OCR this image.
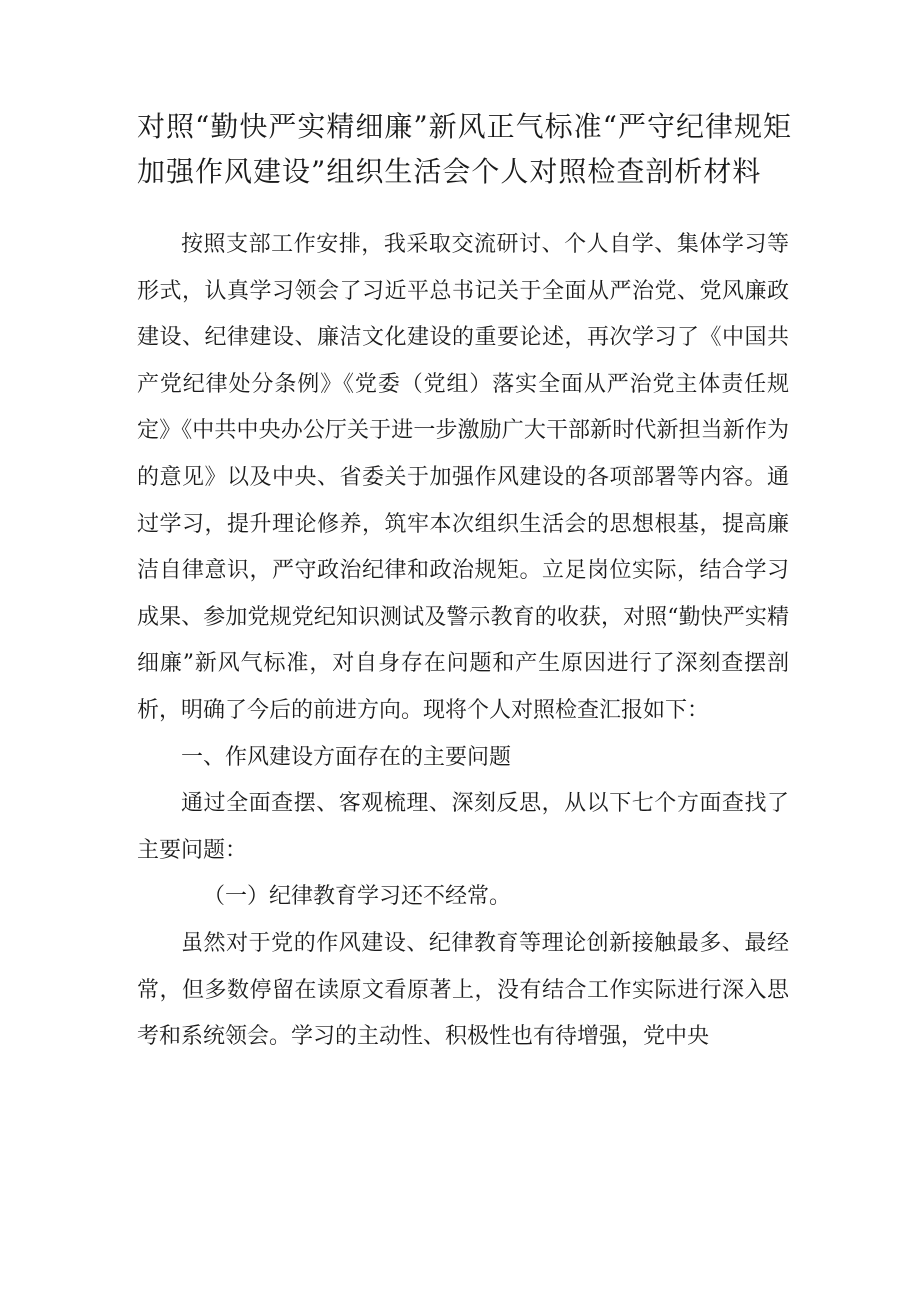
对照“勤快严实精细廉”新风正气标准“严守纪律规矩
加强作风建设”组织生活会个人对照检查剖析材料

按照支部工作安排，我采取交流研讨、个人自学、集体学习等形式，认真学习领会了习近平总书记关于全面从严治党、党风廉政建设、纪律建设、廉洁文化建设的重要论述，再次学习了《中国共产党纪律处分条例》《党委（党组）落实全面从严治党主体责任规定》《中共中央办公厅关于进一步激励广大干部新时代新担当新作为的意见》以及中央、省委关于加强作风建设的各项部署等内容。通过学习，提升理论修养，筑牢本次组织生活会的思想根基，提高廉洁自律意识，严守政治纪律和政治规矩。立足岗位实际，结合学习成果、参加党规党纪知识测试及警示教育的收获，对照“勤快严实精细廉”新风气标准，对自身存在问题和产生原因进行了深刻查摆剖析，明确了今后的前进方向。现将个人对照检查汇报如下：

一、作风建设方面存在的主要问题

通过全面查摆、客观梳理、深刻反思，从以下七个方面查找了主要问题：

（一）纪律教育学习还不经常。

虽然对于党的作风建设、纪律教育等理论创新接触最多、最经常，但多数停留在读原文看原著上，没有结合工作实际进行深入思考和系统领会。学习的主动性、积极性也有待增强，党中央
